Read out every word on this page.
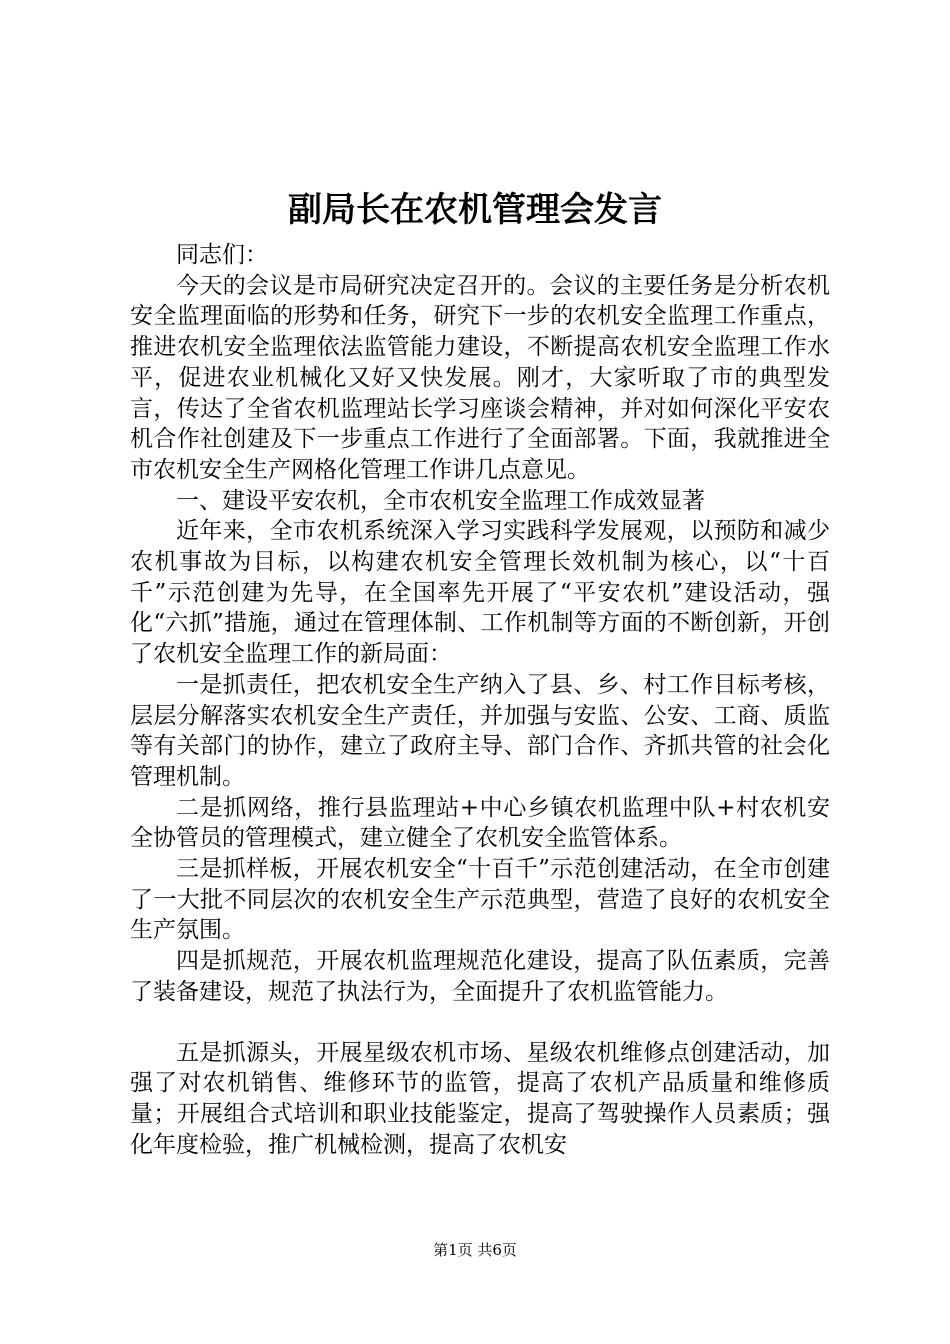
副局长在农机管理会发言

同志们：

今天的会议是市局研究决定召开的。会议的主要任务是分析农机安全监理面临的形势和任务，研究下一步的农机安全监理工作重点，推进农机安全监理依法监管能力建设，不断提高农机安全监理工作水平，促进农业机械化又好又快发展。刚才，大家听取了市的典型发言，传达了全省农机监理站长学习座谈会精神，并对如何深化平安农机合作社创建及下一步重点工作进行了全面部署。下面，我就推进全市农机安全生产网格化管理工作讲几点意见。

一、建设平安农机，全市农机安全监理工作成效显著

近年来，全市农机系统深入学习实践科学发展观，以预防和减少农机事故为目标，以构建农机安全管理长效机制为核心，以“十百千”示范创建为先导，在全国率先开展了“平安农机”建设活动，强化“六抓”措施，通过在管理体制、工作机制等方面的不断创新，开创了农机安全监理工作的新局面：

一是抓责任，把农机安全生产纳入了县、乡、村工作目标考核，层层分解落实农机安全生产责任，并加强与安监、公安、工商、质监等有关部门的协作，建立了政府主导、部门合作、齐抓共管的社会化管理机制。

二是抓网络，推行县监理站+中心乡镇农机监理中队+村农机安全协管员的管理模式，建立健全了农机安全监管体系。

三是抓样板，开展农机安全“十百千”示范创建活动，在全市创建了一大批不同层次的农机安全生产示范典型，营造了良好的农机安全生产氛围。

四是抓规范，开展农机监理规范化建设，提高了队伍素质，完善了装备建设，规范了执法行为，全面提升了农机监管能力。

五是抓源头，开展星级农机市场、星级农机维修点创建活动，加强了对农机销售、维修环节的监管，提高了农机产品质量和维修质量；开展组合式培训和职业技能鉴定，提高了驾驶操作人员素质；强化年度检验，推广机械检测，提高了农机安

第1页 共6页
